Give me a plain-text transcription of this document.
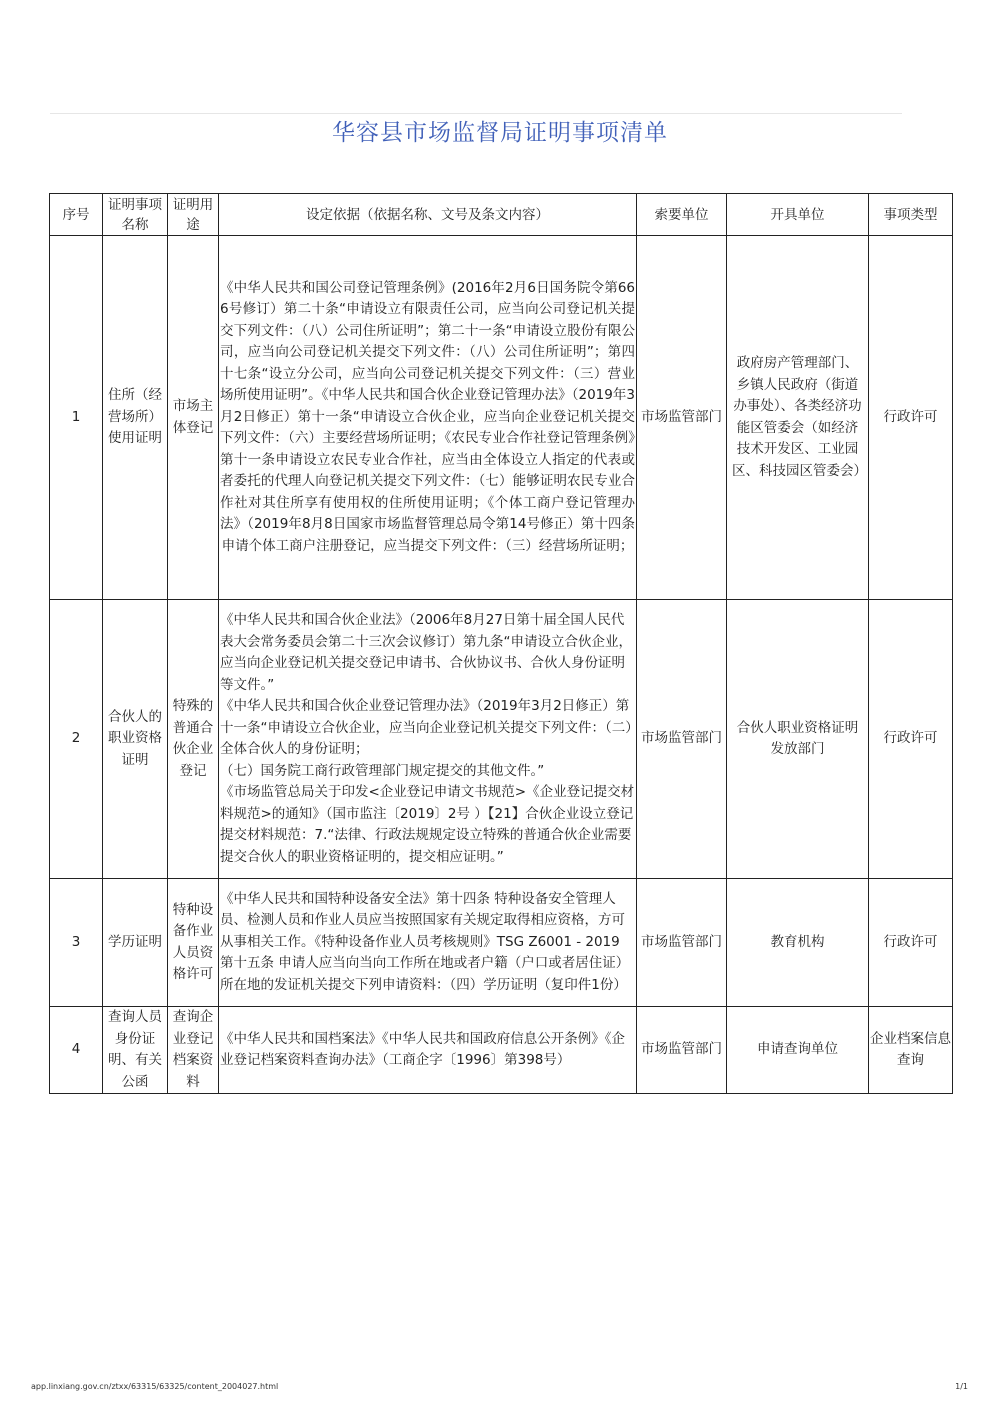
华容县市场监督局证明事项清单
序号	证明事项名称	证明用途	设定依据（依据名称、文号及条文内容）	索要单位	开具单位	事项类型
1	住所（经营场所）使用证明	市场主体登记	《中华人民共和国公司登记管理条例》(2016年2月6日国务院令第666号修订）第二十条“申请设立有限责任公司，应当向公司登记机关提交下列文件：（八）公司住所证明”；第二十一条“申请设立股份有限公司，应当向公司登记机关提交下列文件：（八）公司住所证明”；第四十七条“设立分公司，应当向公司登记机关提交下列文件：（三）营业场所使用证明”。《中华人民共和国合伙企业登记管理办法》（2019年3月2日修正）第十一条“申请设立合伙企业，应当向企业登记机关提交下列文件：（六）主要经营场所证明；《农民专业合作社登记管理条例》第十一条申请设立农民专业合作社，应当由全体设立人指定的代表或者委托的代理人向登记机关提交下列文件：（七）能够证明农民专业合作社对其住所享有使用权的住所使用证明；《个体工商户登记管理办法》（2019年8月8日国家市场监督管理总局令第14号修正）第十四条申请个体工商户注册登记，应当提交下列文件：（三）经营场所证明；	市场监管部门	政府房产管理部门、乡镇人民政府（街道办事处）、各类经济功能区管委会（如经济技术开发区、工业园区、科技园区管委会）	行政许可
2	合伙人的职业资格证明	特殊的普通合伙企业登记	《中华人民共和国合伙企业法》（2006年8月27日第十届全国人民代表大会常务委员会第二十三次会议修订）第九条“申请设立合伙企业，应当向企业登记机关提交登记申请书、合伙协议书、合伙人身份证明等文件。”
《中华人民共和国合伙企业登记管理办法》（2019年3月2日修正）第十一条“申请设立合伙企业，应当向企业登记机关提交下列文件：（二）全体合伙人的身份证明；
（七）国务院工商行政管理部门规定提交的其他文件。”
《市场监管总局关于印发<企业登记申请文书规范>《企业登记提交材料规范>的通知》（国市监注〔2019〕2号 ）【21】合伙企业设立登记提交材料规范：7.“法律、行政法规规定设立特殊的普通合伙企业需要提交合伙人的职业资格证明的，提交相应证明。”	市场监管部门	合伙人职业资格证明发放部门	行政许可
3	学历证明	特种设备作业人员资格许可	《中华人民共和国特种设备安全法》第十四条 特种设备安全管理人员、检测人员和作业人员应当按照国家有关规定取得相应资格，方可从事相关工作。《特种设备作业人员考核规则》TSG Z6001 - 2019 第十五条 申请人应当向当向工作所在地或者户籍（户口或者居住证）所在地的发证机关提交下列申请资料：（四）学历证明（复印件1份）	市场监管部门	教育机构	行政许可
4	查询人员身份证明、有关公函	查询企业登记档案资料	《中华人民共和国档案法》《中华人民共和国政府信息公开条例》《企业登记档案资料查询办法》（工商企字〔1996〕第398号）	市场监管部门	申请查询单位	企业档案信息查询
app.linxiang.gov.cn/ztxx/63315/63325/content_2004027.html	1/1
